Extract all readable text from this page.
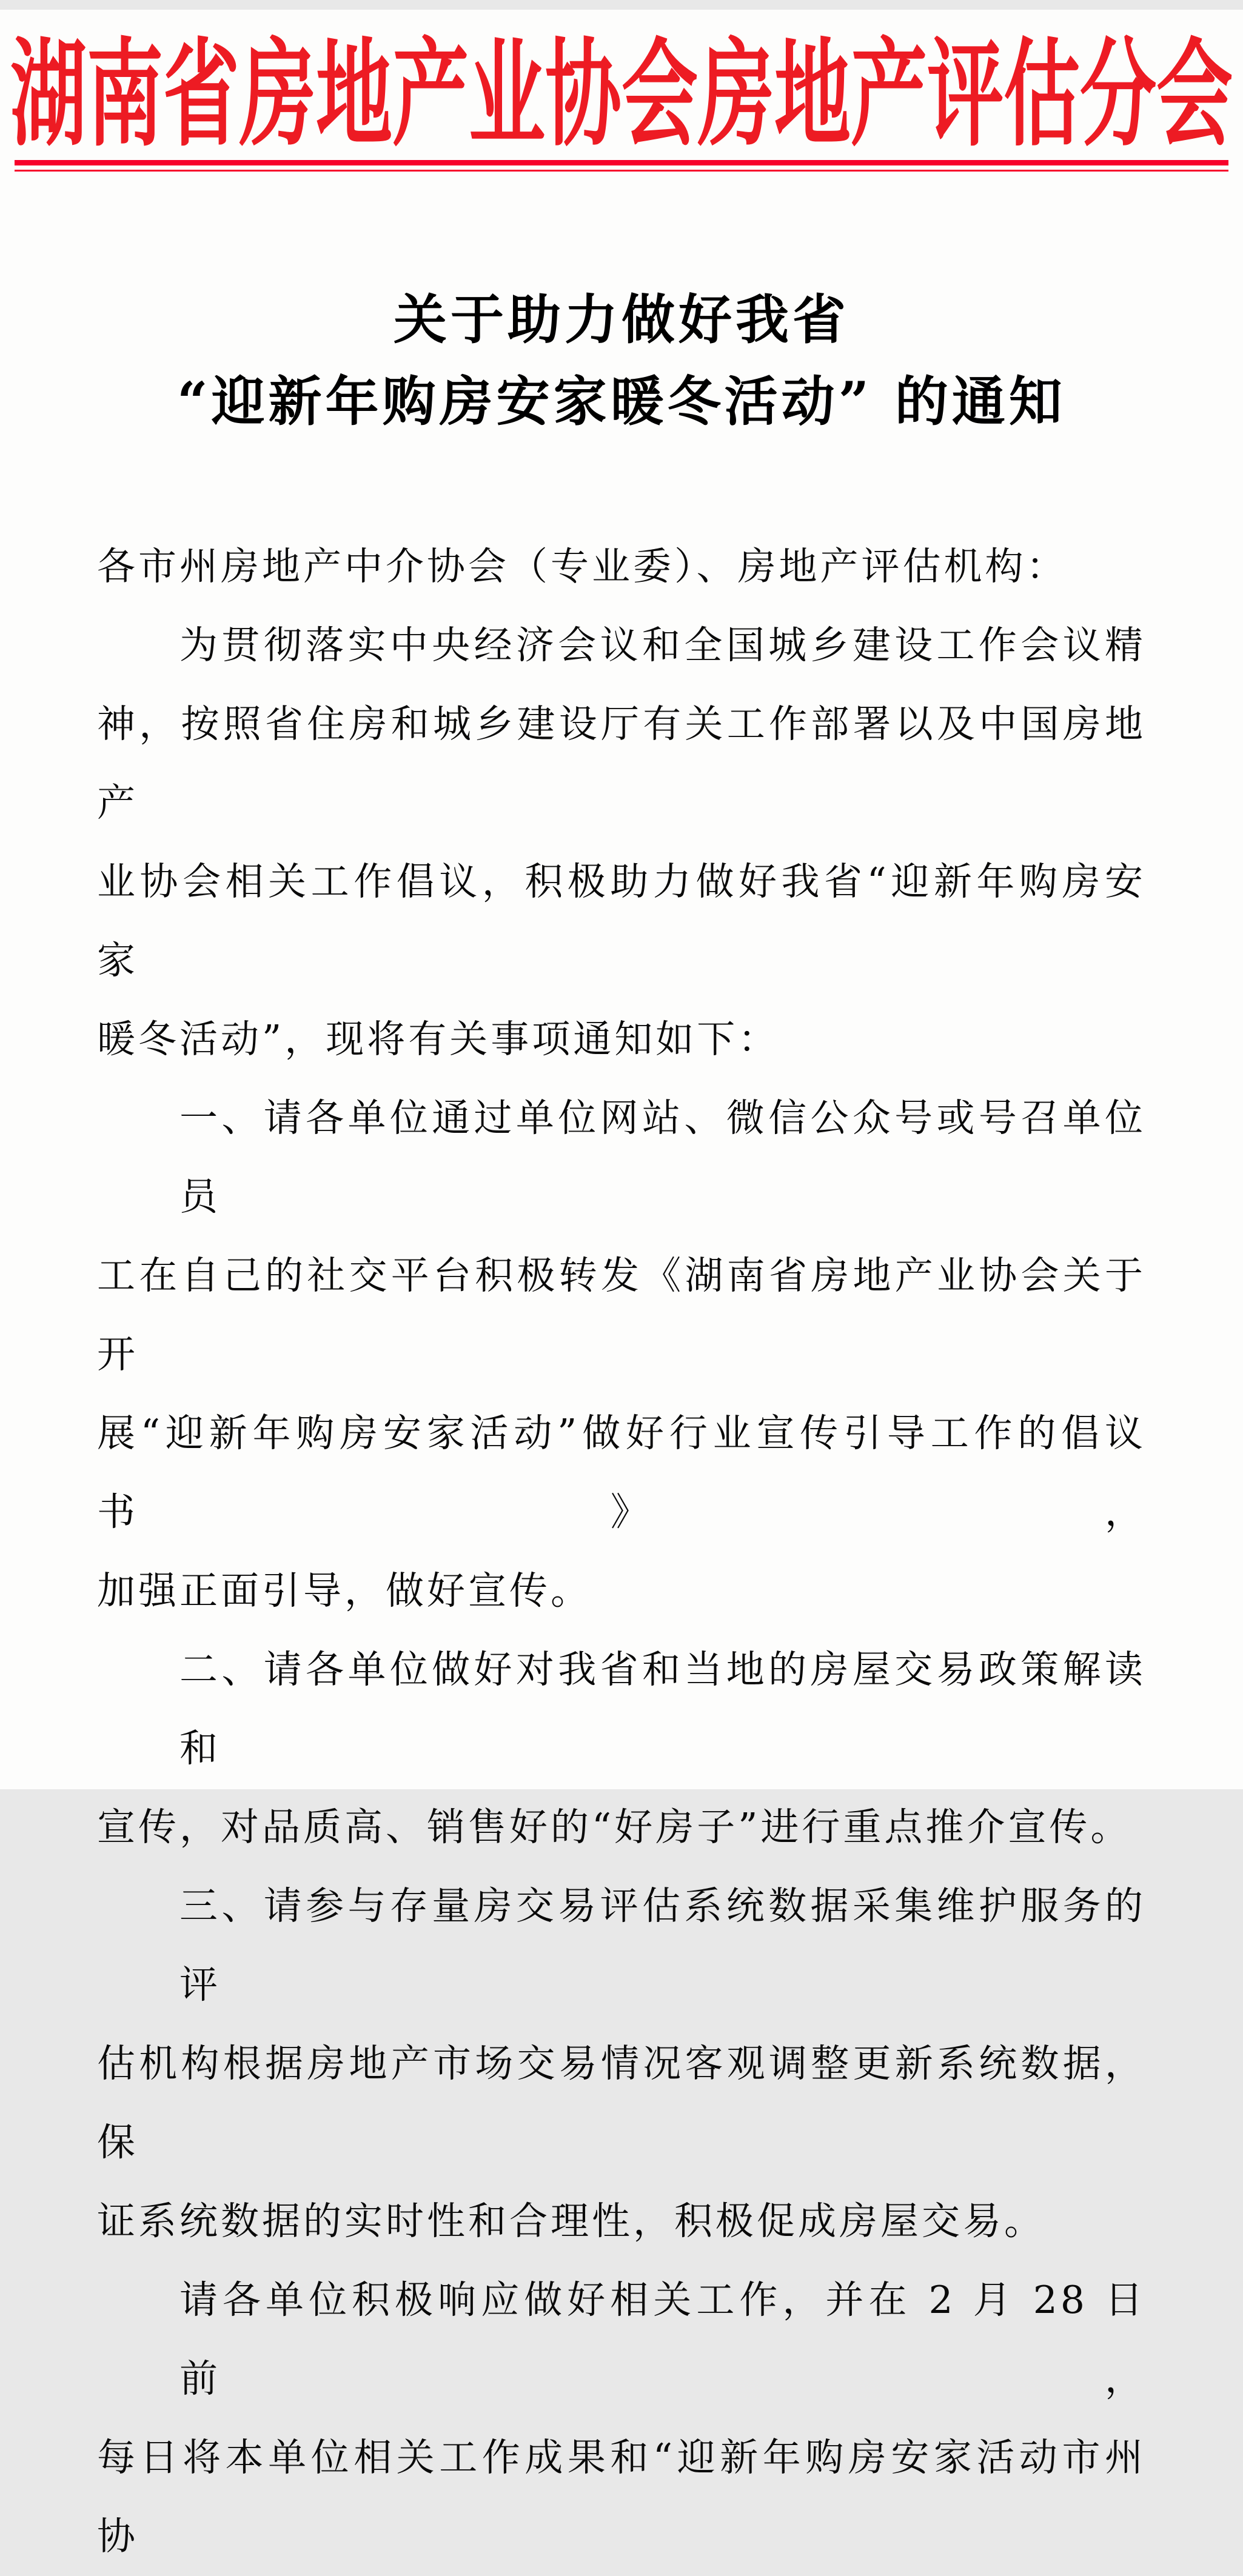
湖南省房地产业协会房地产评估分会
关于助力做好我省
“迎新年购房安家暖冬活动” 的通知
各市州房地产中介协会（专业委）、房地产评估机构：
为贯彻落实中央经济会议和全国城乡建设工作会议精
神，按照省住房和城乡建设厅有关工作部署以及中国房地产
业协会相关工作倡议，积极助力做好我省“迎新年购房安家
暖冬活动”，现将有关事项通知如下：
一、请各单位通过单位网站、微信公众号或号召单位员
工在自己的社交平台积极转发《湖南省房地产业协会关于开
展“迎新年购房安家活动”做好行业宣传引导工作的倡议书》，
加强正面引导，做好宣传。
二、请各单位做好对我省和当地的房屋交易政策解读和
宣传，对品质高、销售好的“好房子”进行重点推介宣传。
三、请参与存量房交易评估系统数据采集维护服务的评
估机构根据房地产市场交易情况客观调整更新系统数据，保
证系统数据的实时性和合理性，积极促成房屋交易。
请各单位积极响应做好相关工作，并在 2 月 28 日前，
每日将本单位相关工作成果和“迎新年购房安家活动市州协
